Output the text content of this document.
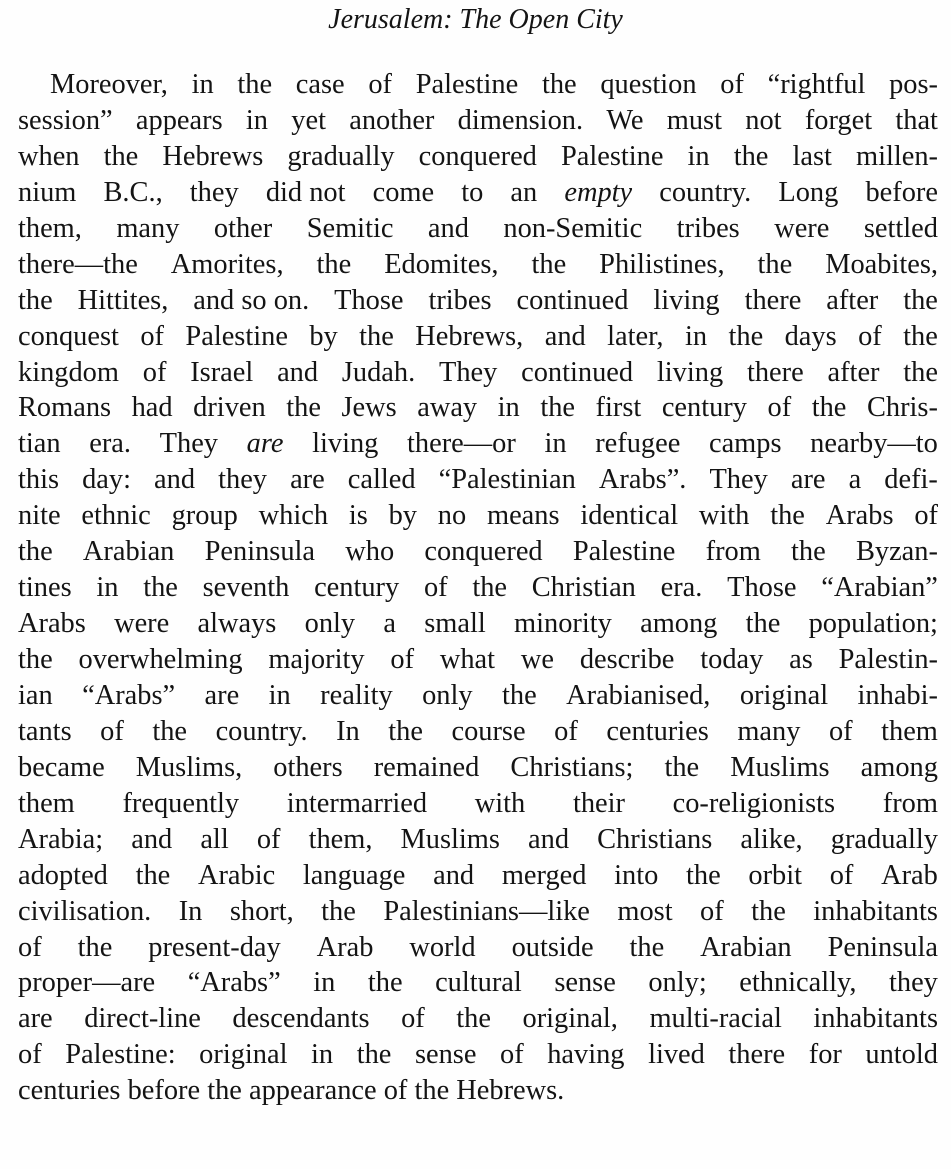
Jerusalem: The Open City
Moreover, in the case of Palestine the question of “rightful pos-
session” appears in yet another dimension. We must not forget that
when the Hebrews gradually conquered Palestine in the last millen-
nium B.C., they did not come to an empty country. Long before
them, many other Semitic and non-Semitic tribes were settled
there—the Amorites, the Edomites, the Philistines, the Moabites,
the Hittites, and so on. Those tribes continued living there after the
conquest of Palestine by the Hebrews, and later, in the days of the
kingdom of Israel and Judah. They continued living there after the
Romans had driven the Jews away in the first century of the Chris-
tian era. They are living there—or in refugee camps nearby—to
this day: and they are called “Palestinian Arabs”. They are a defi-
nite ethnic group which is by no means identical with the Arabs of
the Arabian Peninsula who conquered Palestine from the Byzan-
tines in the seventh century of the Christian era. Those “Arabian”
Arabs were always only a small minority among the population;
the overwhelming majority of what we describe today as Palestin-
ian “Arabs” are in reality only the Arabianised, original inhabi-
tants of the country. In the course of centuries many of them
became Muslims, others remained Christians; the Muslims among
them frequently intermarried with their co-religionists from
Arabia; and all of them, Muslims and Christians alike, gradually
adopted the Arabic language and merged into the orbit of Arab
civilisation. In short, the Palestinians—like most of the inhabitants
of the present-day Arab world outside the Arabian Peninsula
proper—are “Arabs” in the cultural sense only; ethnically, they
are direct-line descendants of the original, multi-racial inhabitants
of Palestine: original in the sense of having lived there for untold
centuries before the appearance of the Hebrews.
